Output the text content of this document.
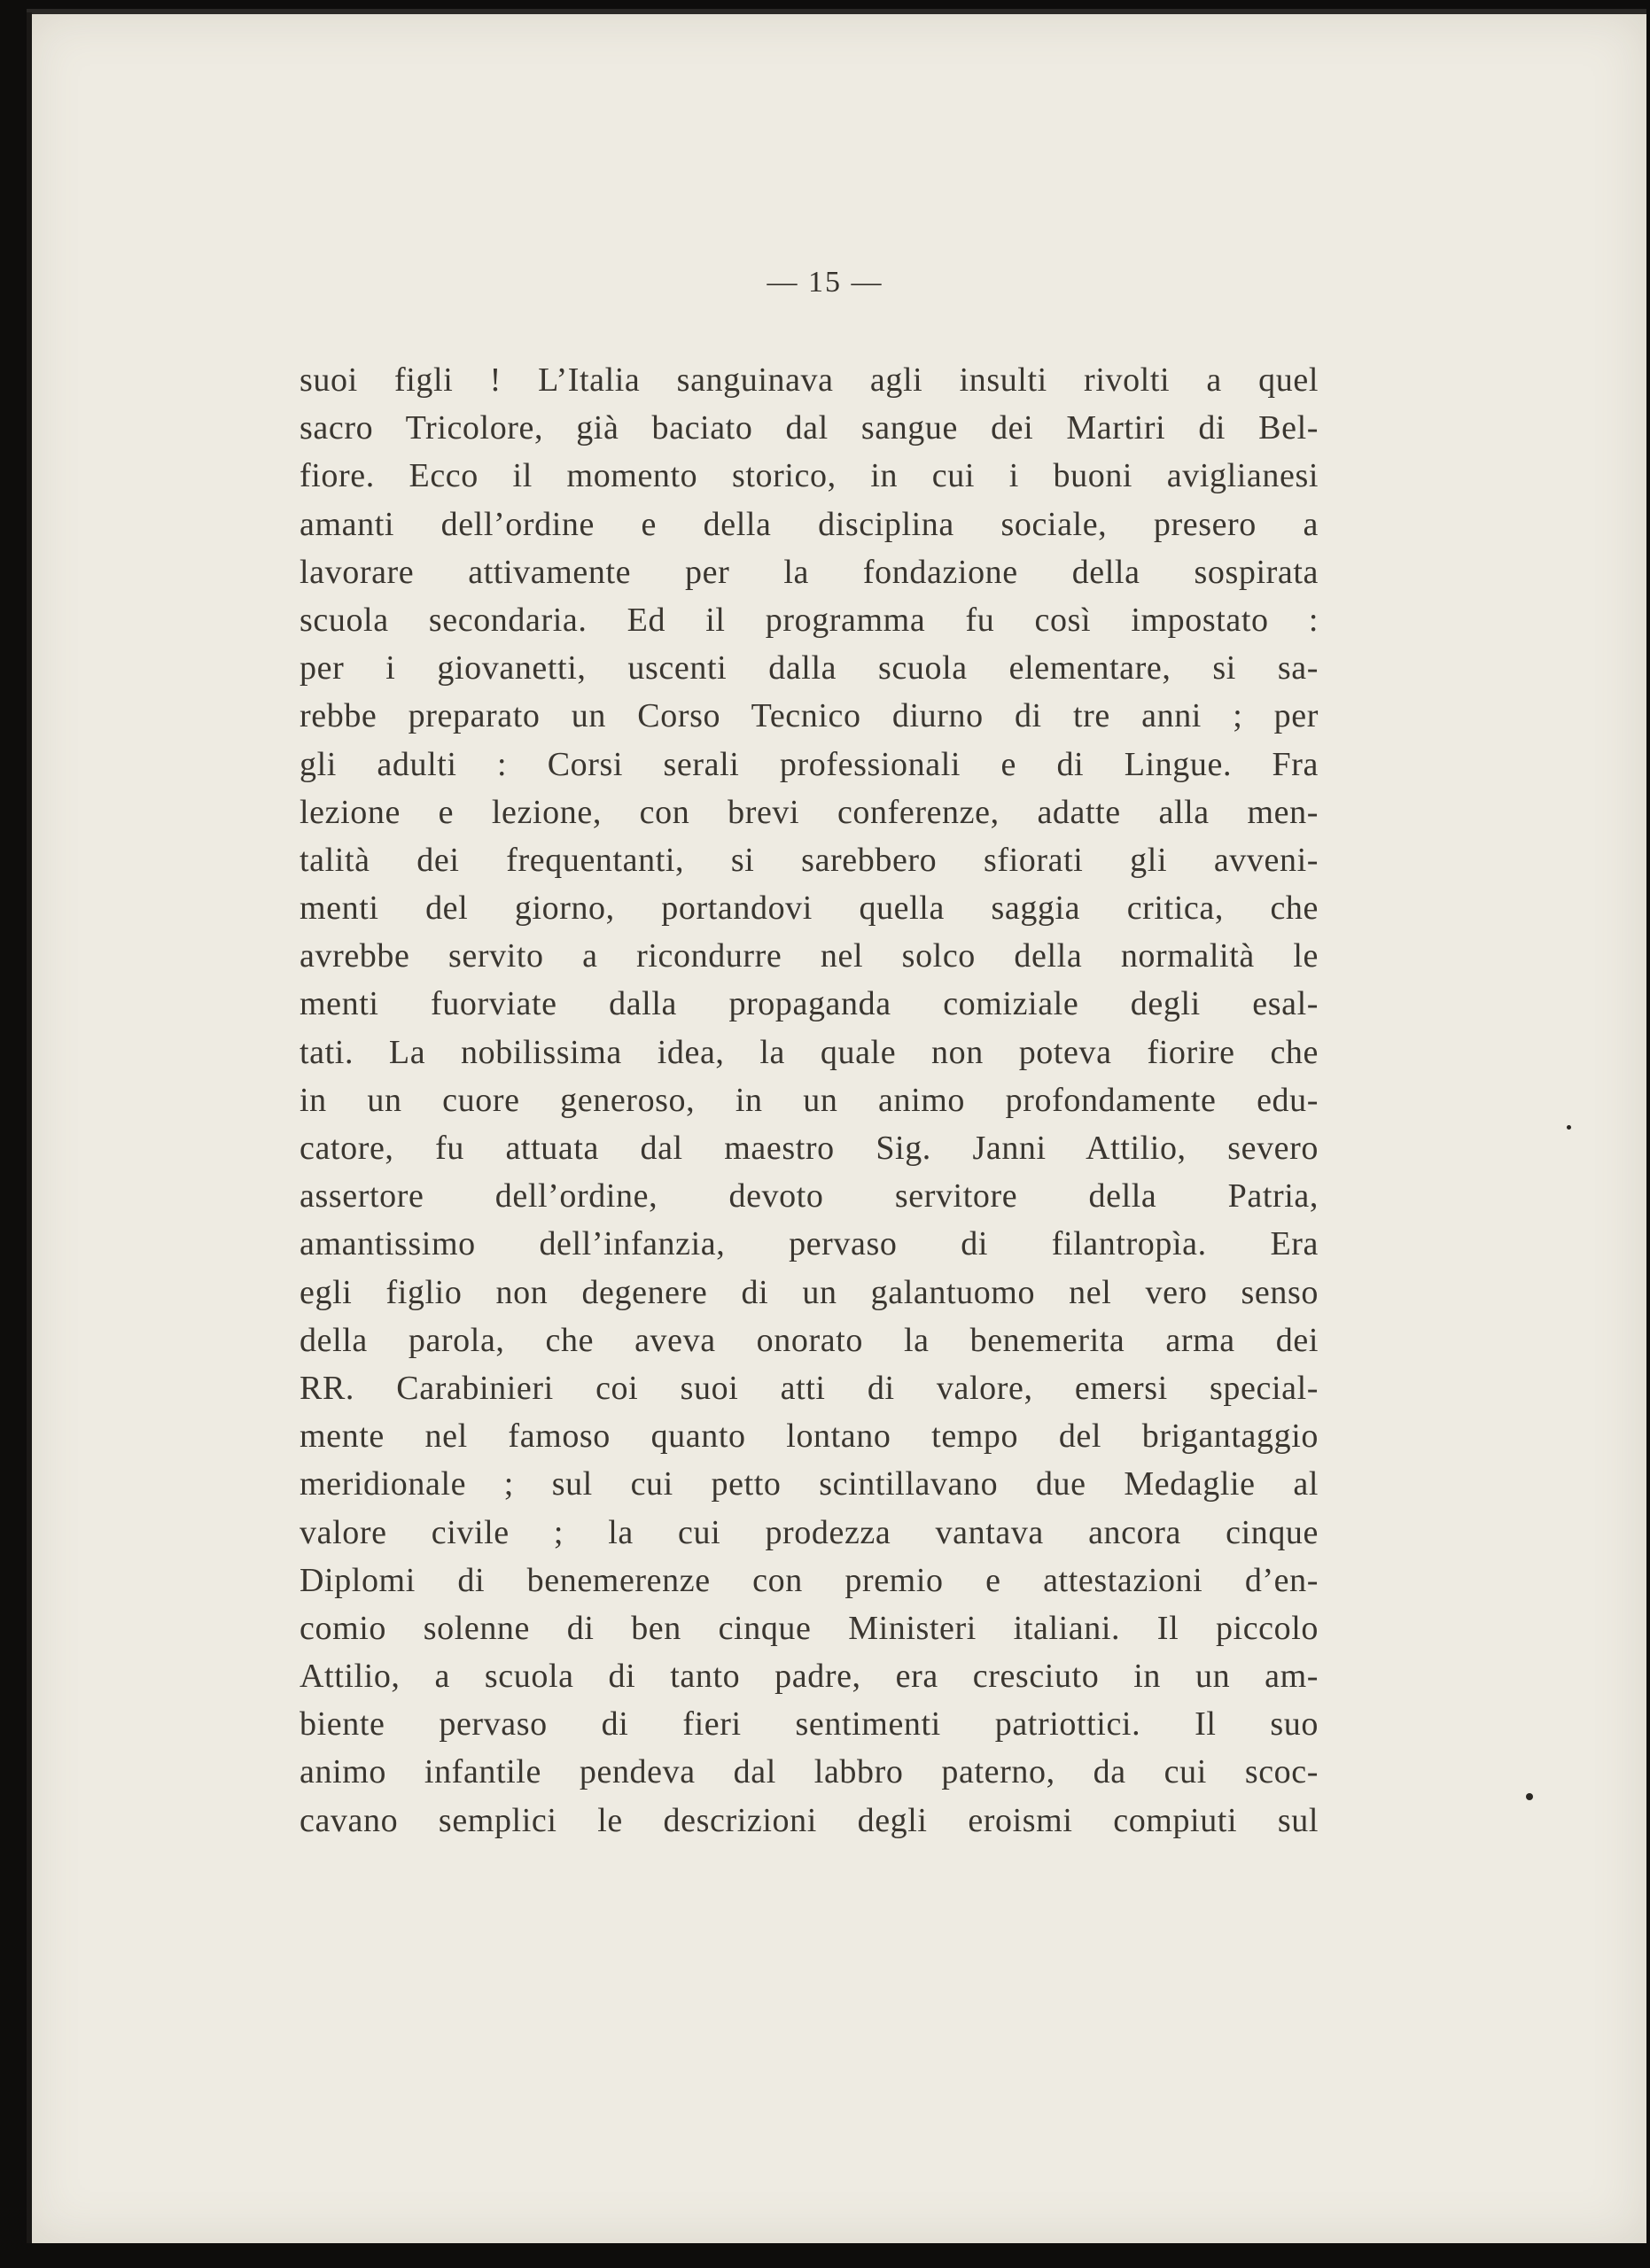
— 15 —
suoi figli ! L’Italia sanguinava agli insulti rivolti a quel
sacro Tricolore, già baciato dal sangue dei Martiri di Bel-
fiore. Ecco il momento storico, in cui i buoni aviglianesi
amanti dell’ordine e della disciplina sociale, presero a
lavorare attivamente per la fondazione della sospirata
scuola secondaria. Ed il programma fu così impostato :
per i giovanetti, uscenti dalla scuola elementare, si sa-
rebbe preparato un Corso Tecnico diurno di tre anni ; per
gli adulti : Corsi serali professionali e di Lingue. Fra
lezione e lezione, con brevi conferenze, adatte alla men-
talità dei frequentanti, si sarebbero sfiorati gli avveni-
menti del giorno, portandovi quella saggia critica, che
avrebbe servito a ricondurre nel solco della normalità le
menti fuorviate dalla propaganda comiziale degli esal-
tati. La nobilissima idea, la quale non poteva fiorire che
in un cuore generoso, in un animo profondamente edu-
catore, fu attuata dal maestro Sig. Janni Attilio, severo
assertore dell’ordine, devoto servitore della Patria,
amantissimo dell’infanzia, pervaso di filantropìa. Era
egli figlio non degenere di un galantuomo nel vero senso
della parola, che aveva onorato la benemerita arma dei
RR. Carabinieri coi suoi atti di valore, emersi special-
mente nel famoso quanto lontano tempo del brigantaggio
meridionale ; sul cui petto scintillavano due Medaglie al
valore civile ; la cui prodezza vantava ancora cinque
Diplomi di benemerenze con premio e attestazioni d’en-
comio solenne di ben cinque Ministeri italiani. Il piccolo
Attilio, a scuola di tanto padre, era cresciuto in un am-
biente pervaso di fieri sentimenti patriottici. Il suo
animo infantile pendeva dal labbro paterno, da cui scoc-
cavano semplici le descrizioni degli eroismi compiuti sul
